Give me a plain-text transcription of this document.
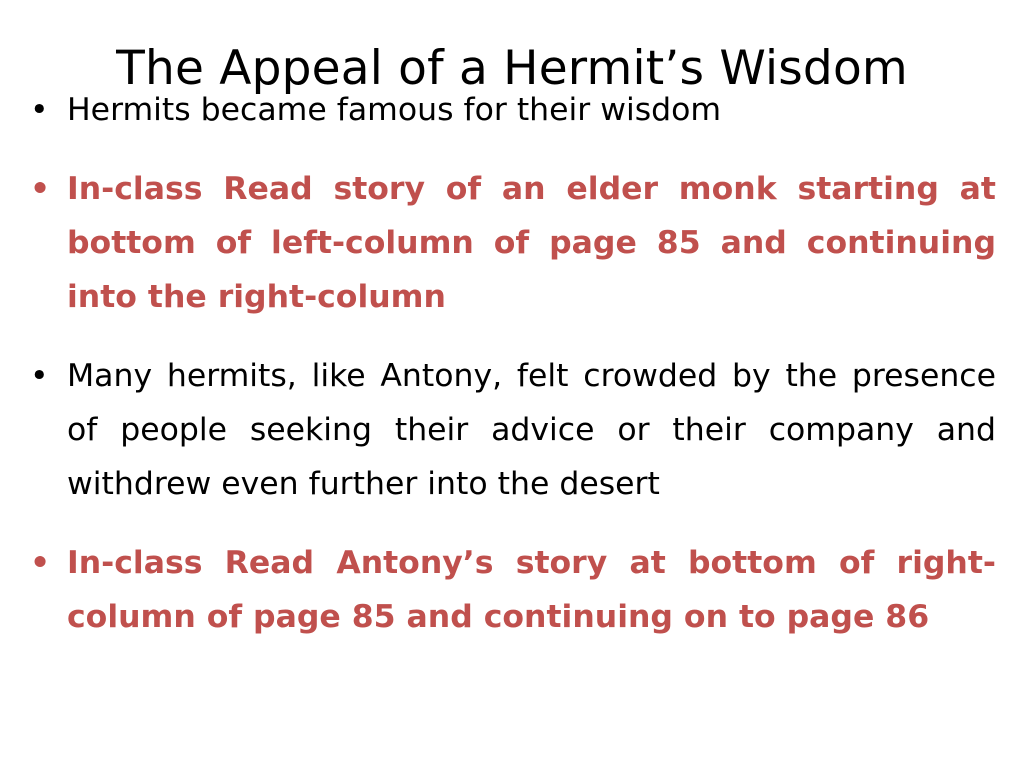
The Appeal of a Hermit’s Wisdom
• Hermits became famous for their wisdom
• In-class Read story of an elder monk starting at bottom of left-column of page 85 and continuing into the right-column
• Many hermits, like Antony, felt crowded by the presence of people seeking their advice or their company and withdrew even further into the desert
• In-class Read Antony’s story at bottom of right-column of page 85 and continuing on to page 86
